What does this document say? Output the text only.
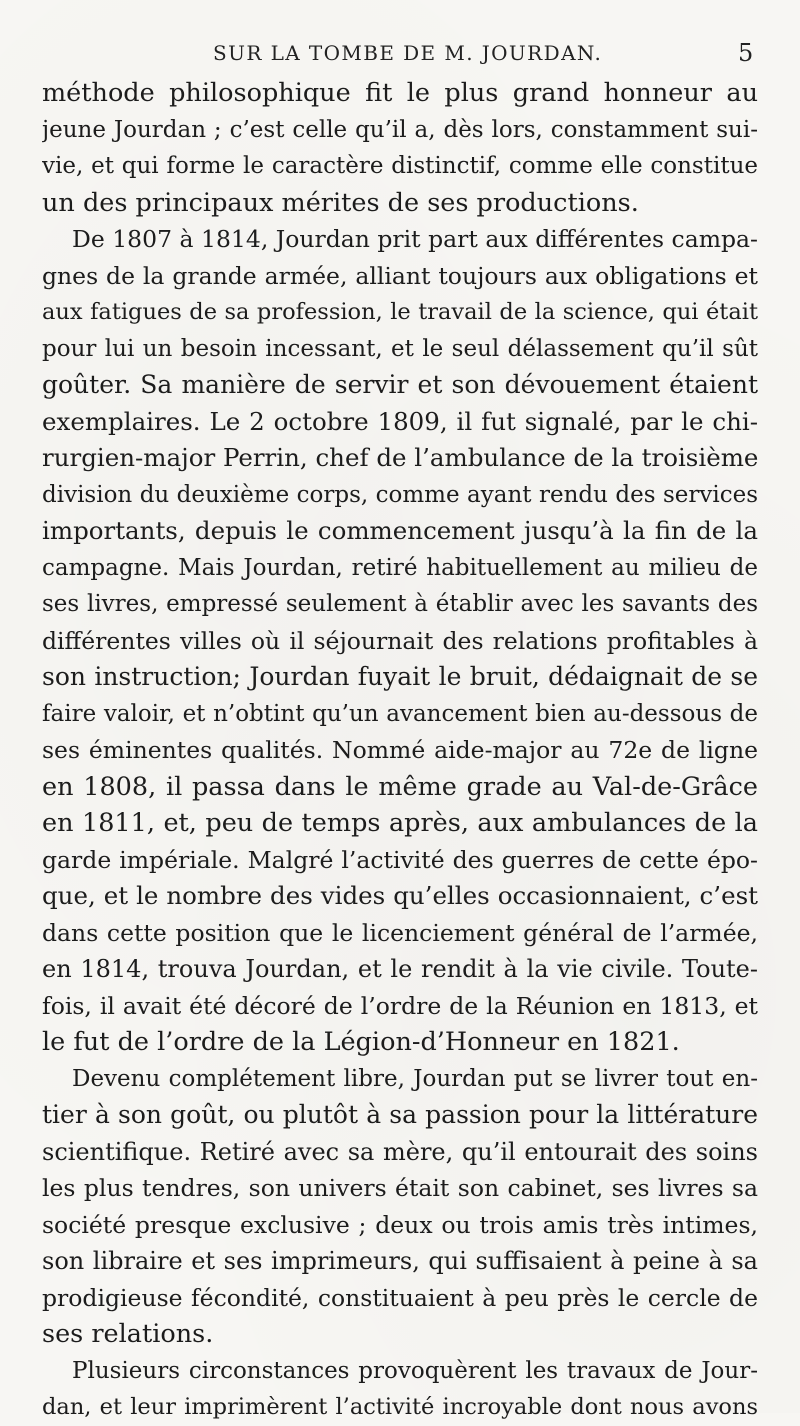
SUR LA TOMBE DE M. JOURDAN.	5
méthode philosophique fit le plus grand honneur au
jeune Jourdan ; c’est celle qu’il a, dès lors, constamment sui-
vie, et qui forme le caractère distinctif, comme elle constitue
un des principaux mérites de ses productions.
De 1807 à 1814, Jourdan prit part aux différentes campa-
gnes de la grande armée, alliant toujours aux obligations et
aux fatigues de sa profession, le travail de la science, qui était
pour lui un besoin incessant, et le seul délassement qu’il sût
goûter. Sa manière de servir et son dévouement étaient
exemplaires. Le 2 octobre 1809, il fut signalé, par le chi-
rurgien-major Perrin, chef de l’ambulance de la troisième
division du deuxième corps, comme ayant rendu des services
importants, depuis le commencement jusqu’à la fin de la
campagne. Mais Jourdan, retiré habituellement au milieu de
ses livres, empressé seulement à établir avec les savants des
différentes villes où il séjournait des relations profitables à
son instruction; Jourdan fuyait le bruit, dédaignait de se
faire valoir, et n’obtint qu’un avancement bien au-dessous de
ses éminentes qualités. Nommé aide-major au 72e de ligne
en 1808, il passa dans le même grade au Val-de-Grâce
en 1811, et, peu de temps après, aux ambulances de la
garde impériale. Malgré l’activité des guerres de cette épo-
que, et le nombre des vides qu’elles occasionnaient, c’est
dans cette position que le licenciement général de l’armée,
en 1814, trouva Jourdan, et le rendit à la vie civile. Toute-
fois, il avait été décoré de l’ordre de la Réunion en 1813, et
le fut de l’ordre de la Légion-d’Honneur en 1821.
Devenu complétement libre, Jourdan put se livrer tout en-
tier à son goût, ou plutôt à sa passion pour la littérature
scientifique. Retiré avec sa mère, qu’il entourait des soins
les plus tendres, son univers était son cabinet, ses livres sa
société presque exclusive ; deux ou trois amis très intimes,
son libraire et ses imprimeurs, qui suffisaient à peine à sa
prodigieuse fécondité, constituaient à peu près le cercle de
ses relations.
Plusieurs circonstances provoquèrent les travaux de Jour-
dan, et leur imprimèrent l’activité incroyable dont nous avons
